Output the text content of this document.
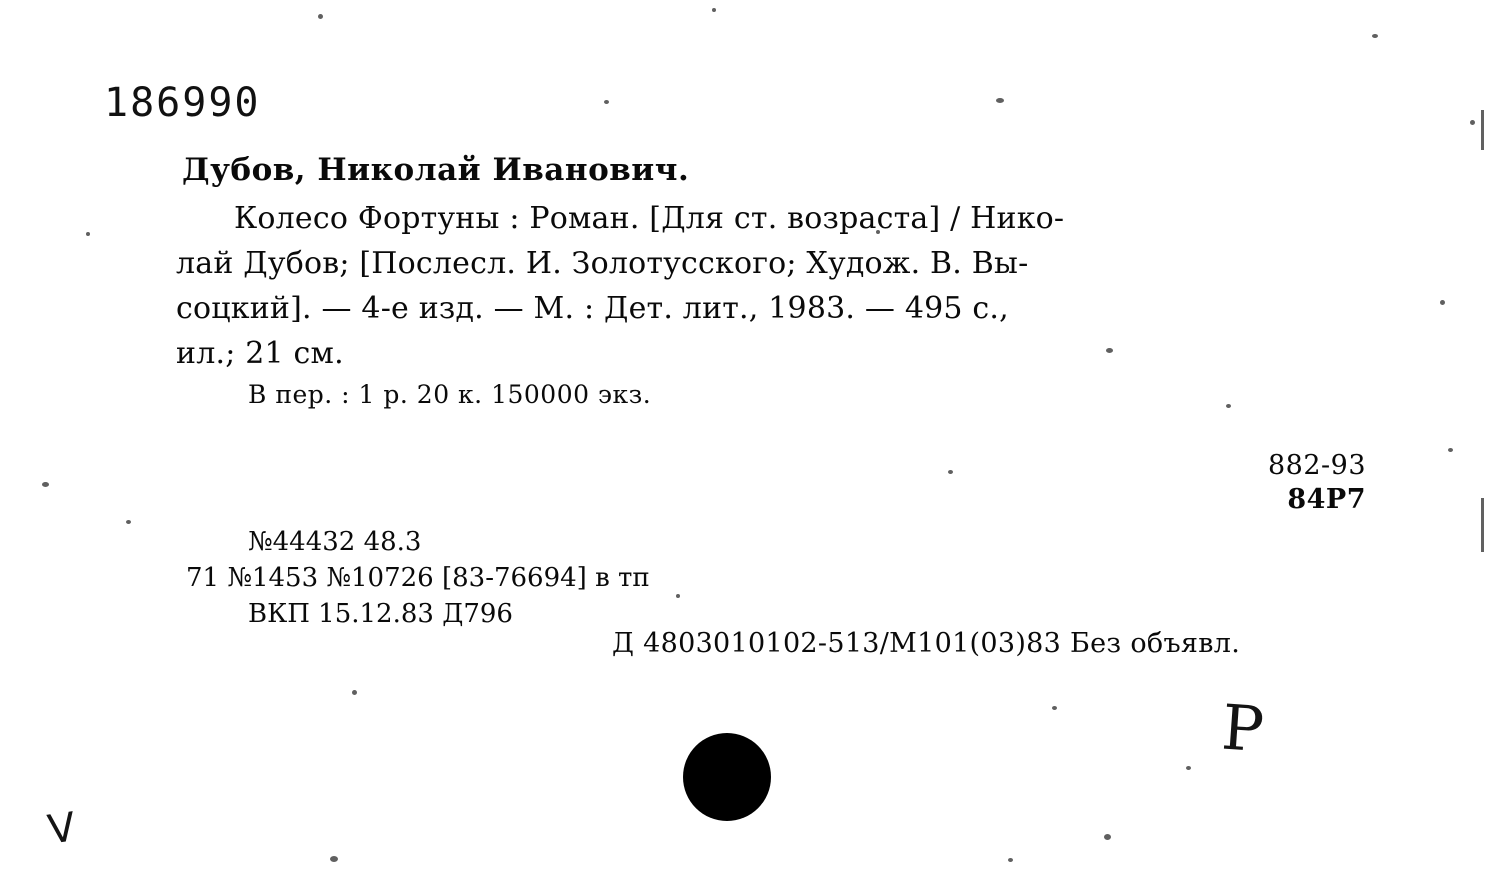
186990
Дубов, Николай Иванович.
Колесо Фортуны : Роман. [Для ст. возраста] / Нико-
лай Дубов; [Послесл. И. Золотусского; Худож. В. Вы-
соцкий]. — 4-е изд. — М. : Дет. лит., 1983. — 495 с.,
ил.; 21 см.
В пер. : 1 р. 20 к. 150000 экз.
882-93
84Р7
№44432 48.3
71 №1453 №10726 [83-76694] в тп
ВКП 15.12.83 Д796
Д 4803010102-513/М101(03)83 Без объявл.
V
Р
